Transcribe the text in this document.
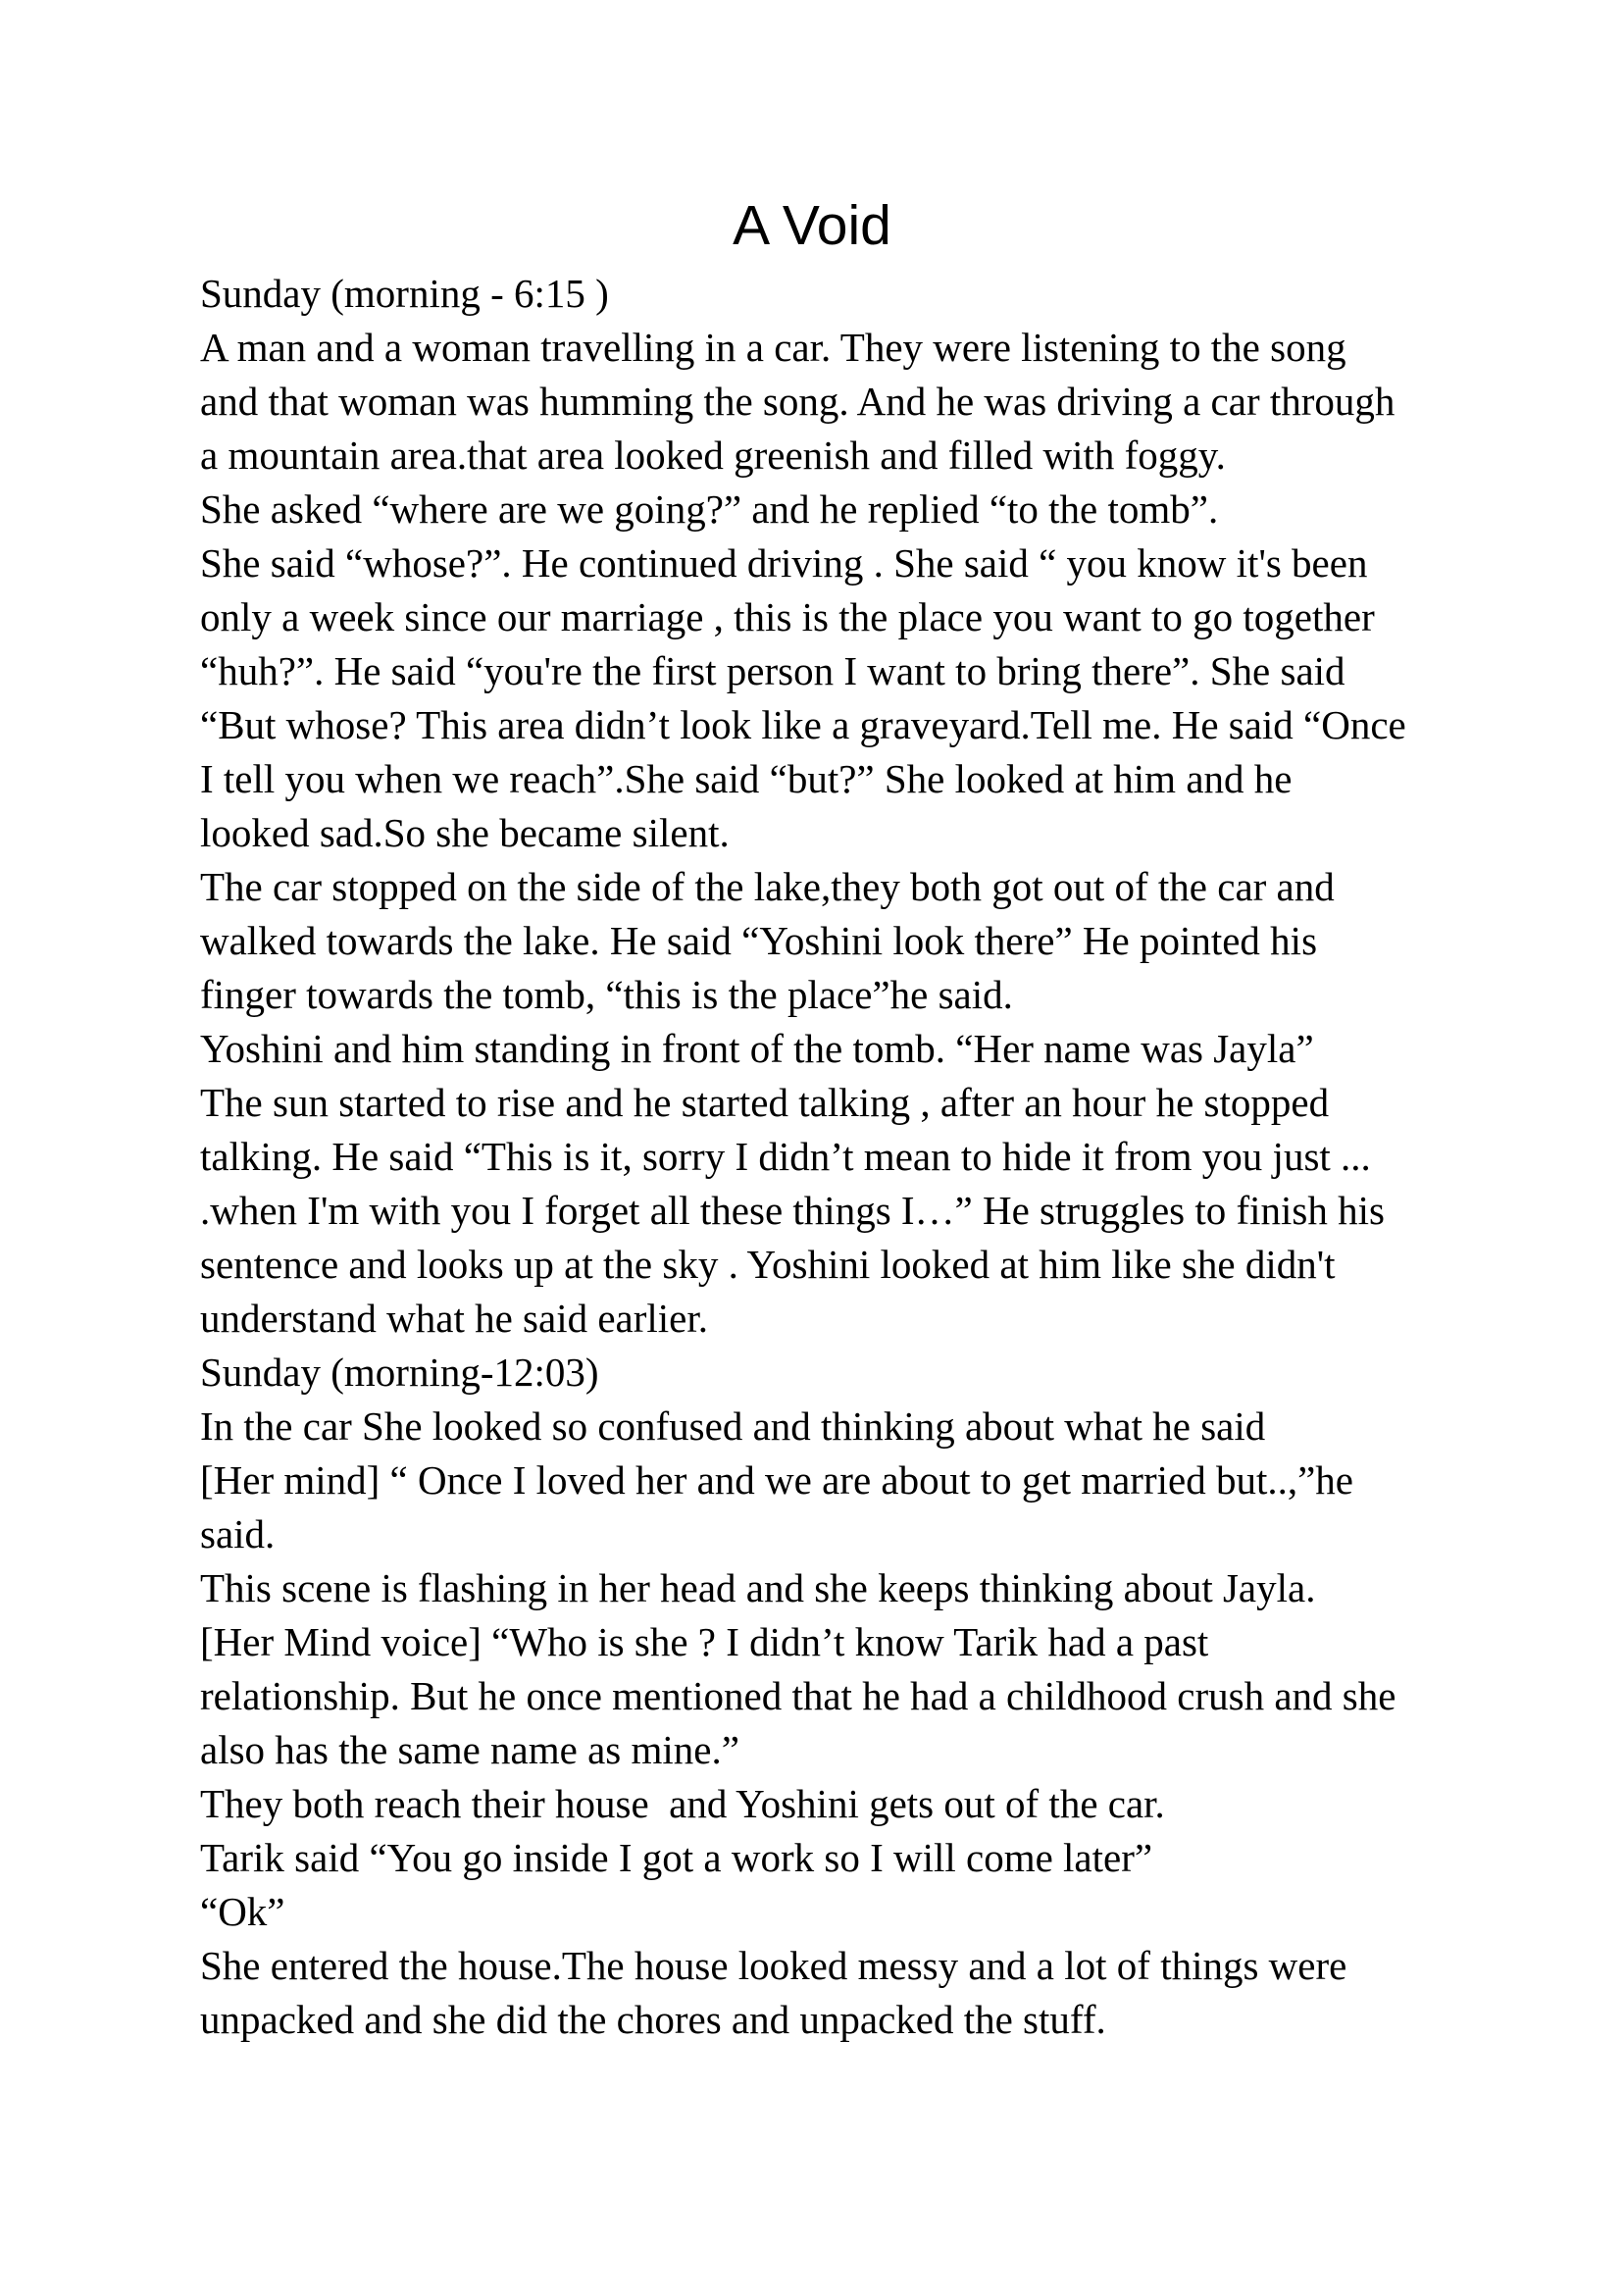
A Void
Sunday (morning - 6:15 )
A man and a woman travelling in a car. They were listening to the song
and that woman was humming the song. And he was driving a car through
a mountain area.that area looked greenish and filled with foggy.
She asked “where are we going?” and he replied “to the tomb”.
She said “whose?”. He continued driving . She said “ you know it's been
only a week since our marriage , this is the place you want to go together
“huh?”. He said “you're the first person I want to bring there”. She said
“But whose? This area didn’t look like a graveyard.Tell me. He said “Once
I tell you when we reach”.She said “but?” She looked at him and he
looked sad.So she became silent.
The car stopped on the side of the lake,they both got out of the car and
walked towards the lake. He said “Yoshini look there” He pointed his
finger towards the tomb, “this is the place”he said.
Yoshini and him standing in front of the tomb. “Her name was Jayla”
The sun started to rise and he started talking , after an hour he stopped
talking. He said “This is it, sorry I didn’t mean to hide it from you just ...
.when I'm with you I forget all these things I…” He struggles to finish his
sentence and looks up at the sky . Yoshini looked at him like she didn't
understand what he said earlier.
Sunday (morning-12:03)
In the car She looked so confused and thinking about what he said
[Her mind] “ Once I loved her and we are about to get married but..,”he
said.
This scene is flashing in her head and she keeps thinking about Jayla.
[Her Mind voice] “Who is she ? I didn’t know Tarik had a past
relationship. But he once mentioned that he had a childhood crush and she
also has the same name as mine.”
They both reach their house  and Yoshini gets out of the car.
Tarik said “You go inside I got a work so I will come later”
“Ok”
She entered the house.The house looked messy and a lot of things were
unpacked and she did the chores and unpacked the stuff.
